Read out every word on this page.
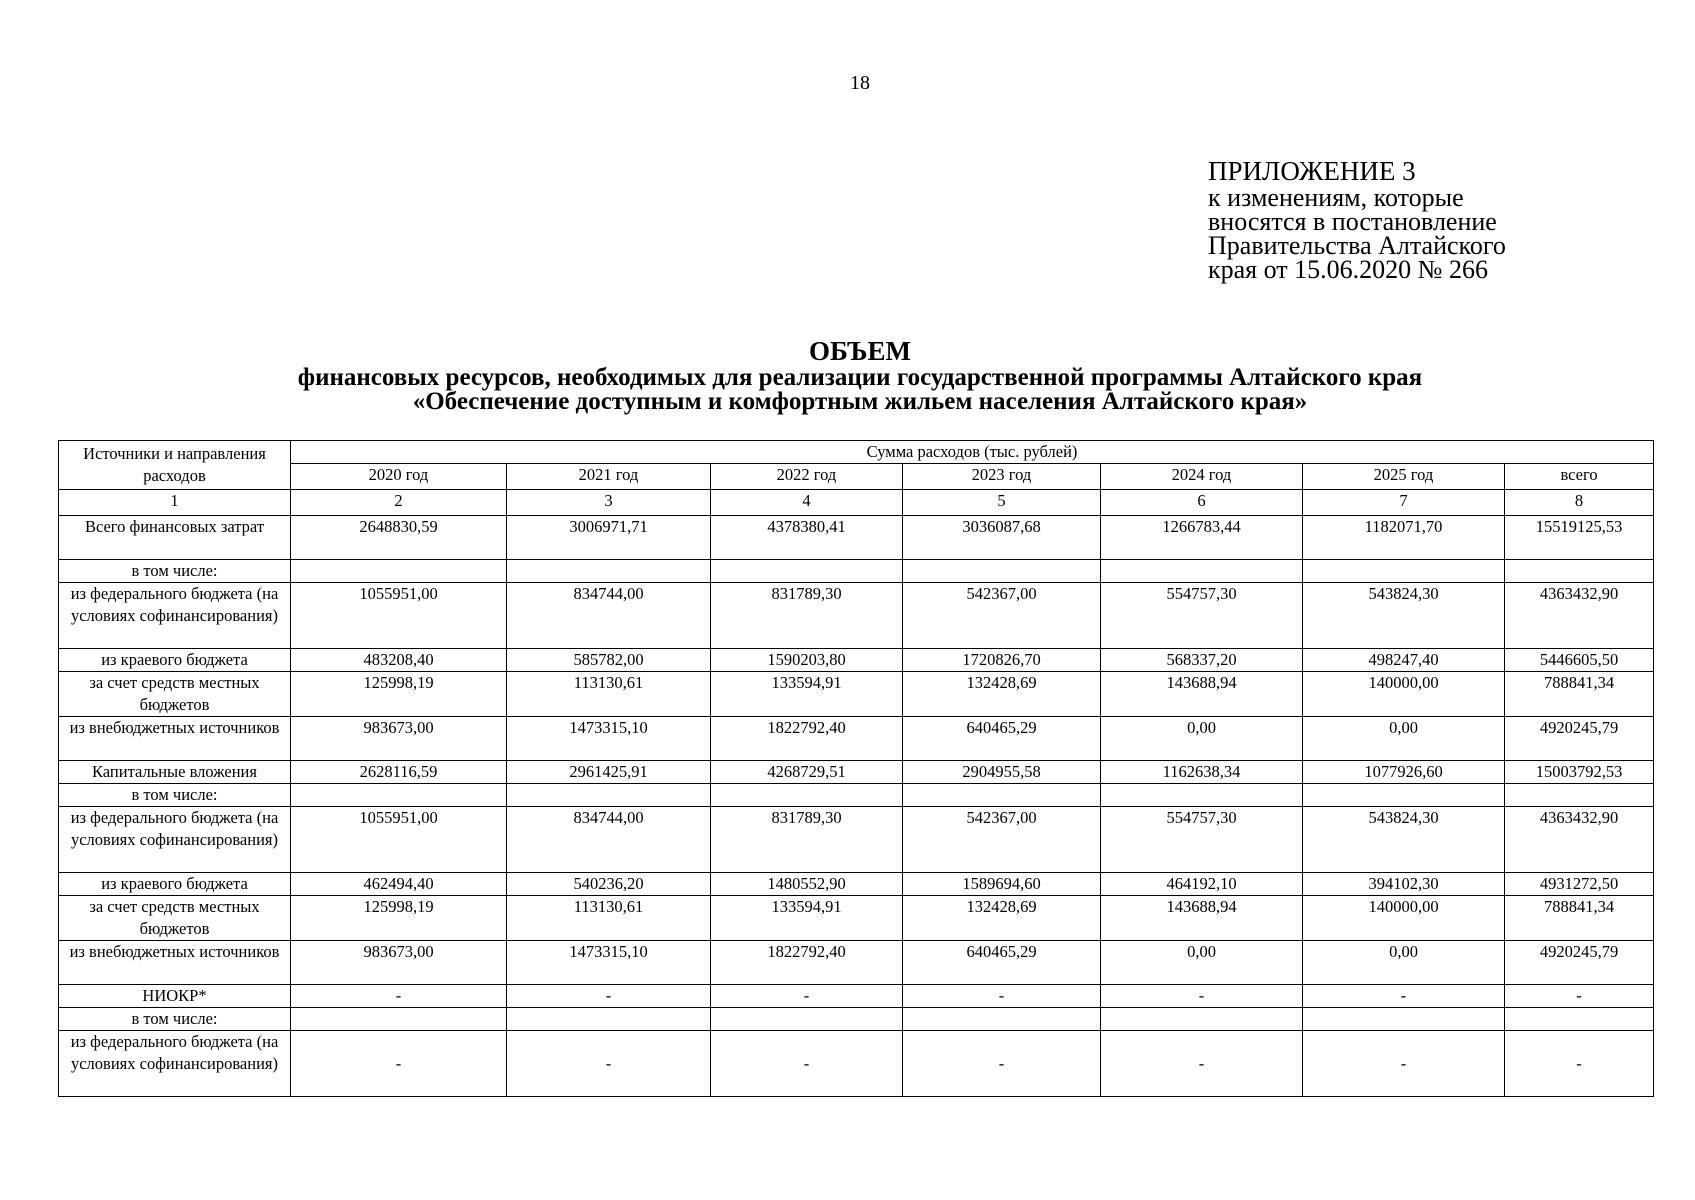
18
ПРИЛОЖЕНИЕ 3
к изменениям, которые
вносятся в постановление
Правительства Алтайского
края от 15.06.2020 № 266
ОБЪЕМ
финансовых ресурсов, необходимых для реализации государственной программы Алтайского края
«Обеспечение доступным и комфортным жильем населения Алтайского края»
Источники и направления расходов	Сумма расходов (тыс. рублей)						
	2020 год	2021 год	2022 год	2023 год	2024 год	2025 год	всего
1	2	3	4	5	6	7	8
Всего финансовых затрат	2648830,59	3006971,71	4378380,41	3036087,68	1266783,44	1182071,70	15519125,53
в том числе:							
из федерального бюджета (на условиях софинансирования)	1055951,00	834744,00	831789,30	542367,00	554757,30	543824,30	4363432,90
из краевого бюджета	483208,40	585782,00	1590203,80	1720826,70	568337,20	498247,40	5446605,50
за счет средств местных бюджетов	125998,19	113130,61	133594,91	132428,69	143688,94	140000,00	788841,34
из внебюджетных источников	983673,00	1473315,10	1822792,40	640465,29	0,00	0,00	4920245,79
Капитальные вложения	2628116,59	2961425,91	4268729,51	2904955,58	1162638,34	1077926,60	15003792,53
в том числе:							
из федерального бюджета (на условиях софинансирования)	1055951,00	834744,00	831789,30	542367,00	554757,30	543824,30	4363432,90
из краевого бюджета	462494,40	540236,20	1480552,90	1589694,60	464192,10	394102,30	4931272,50
за счет средств местных бюджетов	125998,19	113130,61	133594,91	132428,69	143688,94	140000,00	788841,34
из внебюджетных источников	983673,00	1473315,10	1822792,40	640465,29	0,00	0,00	4920245,79
НИОКР*	-	-	-	-	-	-	-
в том числе:							
из федерального бюджета (на условиях софинансирования)	-	-	-	-	-	-	-
